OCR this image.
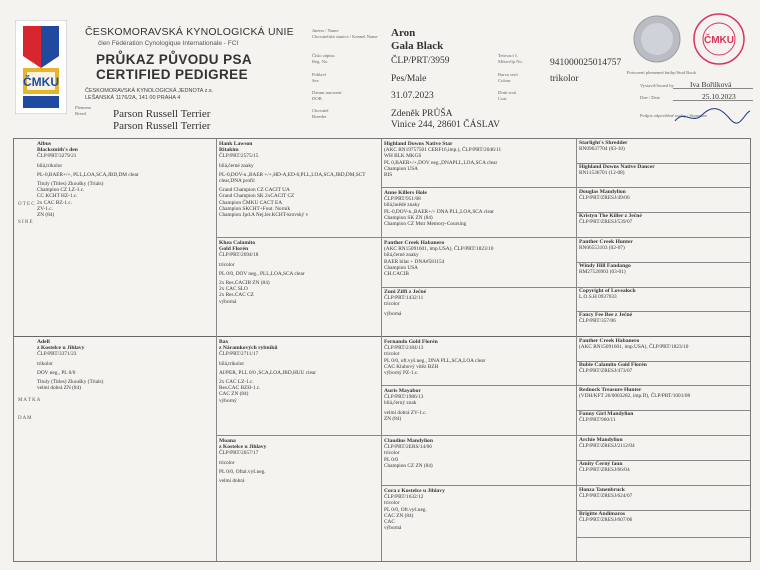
ČMKU
ČESKOMORAVSKÁ KYNOLOGICKÁ UNIE
člen Fédération Cynologique Internationale - FCI
PRŮKAZ PŮVODU PSA
CERTIFIED PEDIGREE
ČESKOMORAVSKÁ KYNOLOGICKÁ JEDNOTA z.s.
LEŠANSKÁ 1176/2A, 141 00 PRAHA 4
Plemeno
Breed	Parson Russell Terrier
Parson Russell Terrier
Jméno / Name
Chovatelská stanice / Kennel Name
Číslo zápisu
Reg. No.
Pohlaví
Sex
Datum narození
DOB
Chovatel
Breeder
Aron
Gala Black
ČLP/PRT/3959
Pes/Male
31.07.2023
Zdeněk PRŮŠA
Vinice 244, 28601 ČÁSLAV
Tetovací č.
Mikročip No.
Barva srsti
Colour
Druh srsti
Coat
941000025014757
trikolor
ČMKU
Potvrzení plemenné knihy/Stud Book
Vystavil/Issued by Iva Bořilková
Dne / Date	25.10.2023
Podpis odpovědné osoby / Signature
O T E C

S I R E
M A T K A

D A M
Albus
Blacksmith's den
ČLP/PRT/3279/21

bílá,trikolor

PL-0,BAER+/+, PLL,LOA,SCA,JBD,DM clear

Tituly (Titles) Zkoušky (Trials)
Champion CZ LZ-1.c.
CC KCHT HZ-1.c.
2x CAC BZ-1.c.
ZV-1.c.
ZN (84)
Adell
z Kostelce u Jihlavy
ČLP/PRT/3371/23

trikolor

DOV neg., PL 0/0

Tituly (Titles) Zkoušky (Trials)
velmi dobrá ZN (84)
Hank Lawson
Ritakim
ČLP/PRT/2575/15

bílá,černé znaky

PL-0,DOV-n.,BAER +/+,HD-A,ED-0,PLL,LOA,SCA,JBD,DM,SCT
clear,DNA profil

Grand Champion CZ CACIT UA
Grand Champion SK 2xCACIT CZ
Champion ČMKU CACT EA
Champion SKCHT+Fout. Norník
Champion Jpd.A Nej.ler.KCHT-krovský v
Khea Calamito
Gold Florén
ČLP/PRT/2694/18

tricolor

PL 0/0, DOV neg., PLL,LOA,SCA clear

2x Res.CACIB ZN (84)
2x CAC SLO
2x Res.CAC CZ
výborná
Bax
z Náramkových rybníků
ČLP/PRT/2711/17

bílá,trikolor

AI/PER, PLL 0/0 ,SCA,LOA,JBD,HUU clear

2x CAC LZ-1.c.
Res.CAC BZH-1.c.
CAC ZN (84)
výborný
Moana
z Kostelce u Jihlavy
ČLP/PRT/2657/17

tricolor

PL 0/0, Oftal.vyš.neg.

velmi dobrá
Highland Downs Native Star
(AKC RN19757501 CERF16,imp.), ČLP/PRT/2046/11
WH BLK MKGS
PL 0,BAER+/+,DOV neg.,DNAPLL,LOA,SCA clear
Champion USA
BIS
Anne Killers Hole
ČLP/PRT/951/08
bílá,hnědé znaky
PL-0,DOV-n.,BAER+/+ DNA PLL,LOA,SCA clear
Champion SK ZN (84)
Champion CZ Mstr Memory-Coursing
Panther Creek Habanero
(AKC RN15091601, imp.USA), ČLP/PRT/1823/10
bílá,černé znaky
BAER bilat + DNA#581154
Champion USA
CH.CACIB
Zuni Ziffi z Ječné
ČLP/PRT/1432/11
tricolor

výborná
Fernando Gold Florén
ČLP/PRT/2184/13
tricolor
PL 0/0, oft.vyš.neg., DNA PLL,SCA,LOA clear
CAC Klubový vítěz BZH
výborný PZ-1.c.
Auris Mayabor
ČLP/PRT/1986/13
bílá,černý znak

velmi dobrá ZV-1.c.
ZN (84)
Claudius Mandylion
ČLP/PRT/2ERS/14/06
tricolor
PL 0/0
Champion CZ ZN (84)
Cora z Kostelce u Jihlavy
ČLP/PRT/1632/12
tricolor
PL 0/0, Oft.vyš.neg.
CAC ZN (84)
CAC
výborná
Starlight's Shredder
RN09637704 (03-10)
Highland Downs Native Dancer
RN11536701 (12-08)
Douglas Mandylion
ČLP/PRT/ZRESJ/49/06
Kristyn The Killer z Ječné
ČLP/PRT/ZRESJ/539/07
Panther Creek Hunter
RN06553103 (02-07)
Windy Hill Fandango
RM27526903 (03-01)
Copyright of Lovealoch
L.O.S.H 0937033
Fancy Fee Bee z Ječné
ČLP/PRT/357/06
Panther Creek Habanero
(AKC RN15091601, imp.USA), ČLP/PRT/1823/10
Bubie Calamito Gold Florén
ČLP/PRT/ZRESJ/473/07
Rednock Treasure Hunter
(VDH/KFT 26/0003282, imp.D), ČLP/PRT/1001/08
Funny Girl Mandylion
ČLP/PRT/960/11
Archie Mandylion
ČLP/PRT/ZRESJ/2112/04
Amity Černý faun
ČLP/PRT/ZRESJ/66/04
Honza Tanenbruck
ČLP/PRT/ZRESJ/624/07
Brigitte Andimaros
ČLP/PRT/ZRESJ/607/06
